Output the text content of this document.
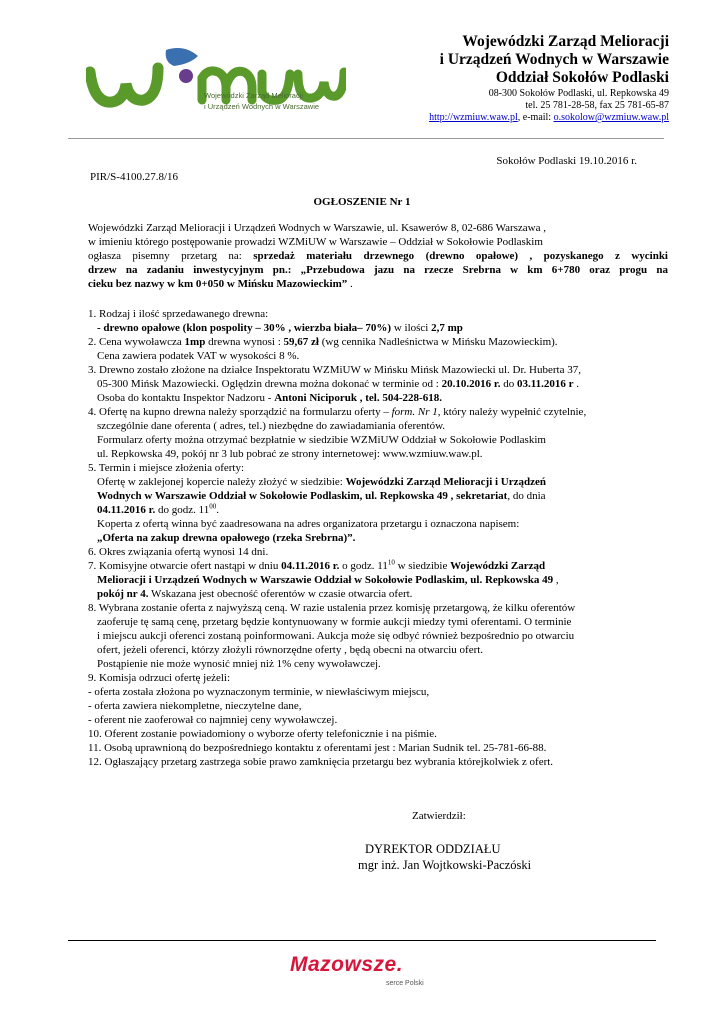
Wojewódzki Zarząd Melioracji
i Urządzeń Wodnych w Warszawie
Wojewódzki Zarząd Melioracji
i Urządzeń Wodnych w Warszawie
Oddział Sokołów Podlaski
08-300 Sokołów Podlaski, ul. Repkowska 49
tel. 25 781-28-58, fax 25 781-65-87
http://wzmiuw.waw.pl, e-mail: o.sokolow@wzmiuw.waw.pl
Sokołów Podlaski 19.10.2016 r.
PIR/S-4100.27.8/16
OGŁOSZENIE Nr 1
Wojewódzki Zarząd Melioracji i Urządzeń Wodnych w Warszawie, ul. Ksawerów 8, 02-686 Warszawa ,
w imieniu którego postępowanie prowadzi WZMiUW w Warszawie – Oddział w Sokołowie Podlaskim
ogłasza pisemny przetarg na: sprzedaż materiału drzewnego (drewno opałowe) , pozyskanego z wycinki
drzew na zadaniu inwestycyjnym pn.: „Przebudowa jazu na rzecze Srebrna w km 6+780 oraz progu na
cieku bez nazwy w km 0+050 w Mińsku Mazowieckim” .
1. Rodzaj i ilość sprzedawanego drewna:
- drewno opałowe (klon pospolity – 30% , wierzba biała– 70%) w ilości 2,7 mp
2. Cena wywoławcza 1mp drewna wynosi : 59,67 zł (wg cennika Nadleśnictwa w Mińsku Mazowieckim).
Cena zawiera podatek VAT w wysokości 8 %.
3. Drewno zostało złożone na działce Inspektoratu WZMiUW w Mińsku Mińsk Mazowiecki ul. Dr. Huberta 37,
05-300 Mińsk Mazowiecki. Oględzin drewna można dokonać w terminie od : 20.10.2016 r. do 03.11.2016 r .
Osoba do kontaktu Inspektor Nadzoru - Antoni Niciporuk , tel. 504-228-618.
4. Ofertę na kupno drewna należy sporządzić na formularzu oferty – form. Nr 1, który należy wypełnić czytelnie,
szczególnie dane oferenta ( adres, tel.) niezbędne do zawiadamiania oferentów.
Formularz oferty można otrzymać bezpłatnie w siedzibie WZMiUW Oddział w Sokołowie Podlaskim
ul. Repkowska 49, pokój nr 3 lub pobrać ze strony internetowej: www.wzmiuw.waw.pl.
5. Termin i miejsce złożenia oferty:
Ofertę w zaklejonej kopercie należy złożyć w siedzibie: Wojewódzki Zarząd Melioracji i Urządzeń
Wodnych w Warszawie Oddział w Sokołowie Podlaskim, ul. Repkowska 49 , sekretariat, do dnia
04.11.2016 r. do godz. $11^{00}$.
Koperta z ofertą winna być zaadresowana na adres organizatora przetargu i oznaczona napisem:
„Oferta na zakup drewna opałowego (rzeka Srebrna)”.
6. Okres związania ofertą wynosi 14 dni.
7. Komisyjne otwarcie ofert nastąpi w dniu 04.11.2016 r. o godz. $11^{10}$ w siedzibie Wojewódzki Zarząd
Melioracji i Urządzeń Wodnych w Warszawie Oddział w Sokołowie Podlaskim, ul. Repkowska 49 ,
pokój nr 4. Wskazana jest obecność oferentów w czasie otwarcia ofert.
8. Wybrana zostanie oferta z najwyższą ceną. W razie ustalenia przez komisję przetargową, że kilku oferentów
zaoferuje tę samą cenę, przetarg będzie kontynuowany w formie aukcji miedzy tymi oferentami. O terminie
i miejscu aukcji oferenci zostaną poinformowani. Aukcja może się odbyć również bezpośrednio po otwarciu
ofert, jeżeli oferenci, którzy złożyli równorzędne oferty , będą obecni na otwarciu ofert.
Postąpienie nie może wynosić mniej niż 1% ceny wywoławczej.
9. Komisja odrzuci ofertę jeżeli:
- oferta została złożona po wyznaczonym terminie, w niewłaściwym miejscu,
- oferta zawiera niekompletne, nieczytelne dane,
- oferent nie zaoferował co najmniej ceny wywoławczej.
10. Oferent zostanie powiadomiony o wyborze oferty telefonicznie i na piśmie.
11. Osobą uprawnioną do bezpośredniego kontaktu z oferentami jest : Marian Sudnik tel. 25-781-66-88.
12. Ogłaszający przetarg zastrzega sobie prawo zamknięcia przetargu bez wybrania którejkolwiek z ofert.
Zatwierdził:
DYREKTOR ODDZIAŁU
mgr inż. Jan Wojtkowski-Paczóski
Mazowsze.
serce Polski
